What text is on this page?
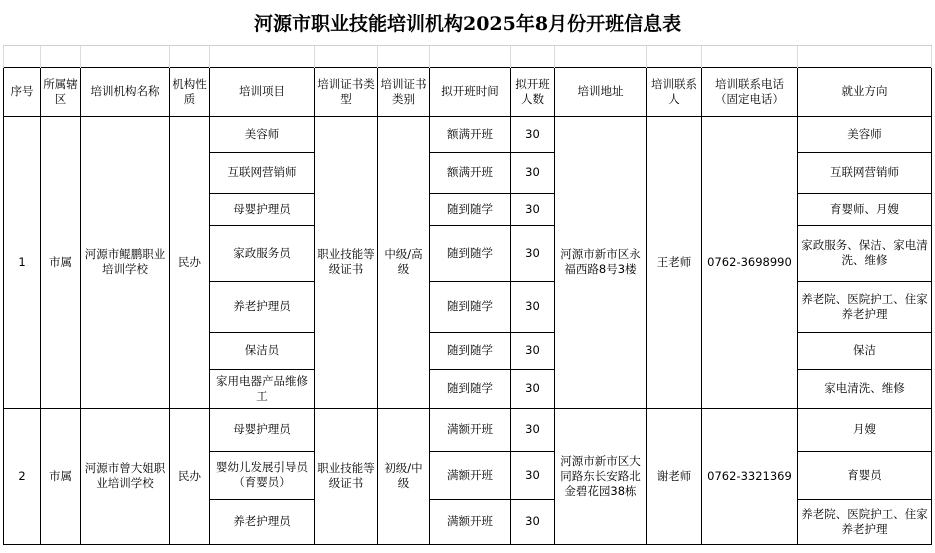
河源市职业技能培训机构2025年8月份开班信息表												

序号	所属辖区	培训机构名称	机构性质	培训项目	培训证书类型	培训证书类别	拟开班时间	拟开班人数	培训地址	培训联系人	培训联系电话（固定电话）	就业方向
1	市属	河源市鲲鹏职业培训学校	民办	美容师	职业技能等级证书	中级/高级	额满开班	30	河源市新市区永福西路8号3楼	王老师	0762-3698990	美容师
				互联网营销师			额满开班	30				互联网营销师
				母婴护理员			随到随学	30				育婴师、月嫂
				家政服务员			随到随学	30				家政服务、保洁、家电清洗、维修
				养老护理员			随到随学	30				养老院、医院护工、住家养老护理
				保洁员			随到随学	30				保洁
				家用电器产品维修工			随到随学	30				家电清洗、维修
2	市属	河源市曾大姐职业培训学校	民办	母婴护理员	职业技能等级证书	初级/中级	满额开班	30	河源市新市区大同路东长安路北金碧花园38栋	谢老师	0762-3321369	月嫂
				婴幼儿发展引导员（育婴员）			满额开班	30				育婴员
				养老护理员			满额开班	30				养老院、医院护工、住家养老护理
